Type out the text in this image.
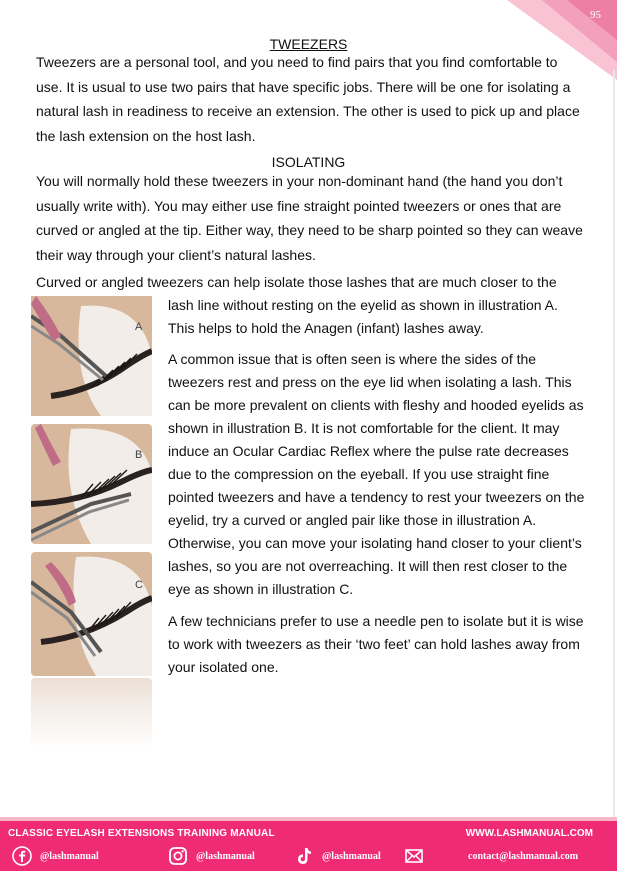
95
TWEEZERS

Tweezers are a personal tool, and you need to find pairs that you find comfortable to use. It is usual to use two pairs that have specific jobs. There will be one for isolating a natural lash in readiness to receive an extension. The other is used to pick up and place the lash extension on the host lash.

ISOLATING

You will normally hold these tweezers in your non-dominant hand (the hand you don’t usually write with). You may either use fine straight pointed tweezers or ones that are curved or angled at the tip. Either way, they need to be sharp pointed so they can weave their way through your client’s natural lashes.

Curved or angled tweezers can help isolate those lashes that are much closer to the

lash line without resting on the eyelid as shown in illustration A. This helps to hold the Anagen (infant) lashes away.

A common issue that is often seen is where the sides of the tweezers rest and press on the eye lid when isolating a lash. This can be more prevalent on clients with fleshy and hooded eyelids as shown in illustration B. It is not comfortable for the client. It may induce an Ocular Cardiac Reflex where the pulse rate decreases due to the compression on the eyeball. If you use straight fine pointed tweezers and have a tendency to rest your tweezers on the eyelid, try a curved or angled pair like those in illustration A. Otherwise, you can move your isolating hand closer to your client’s lashes, so you are not overreaching. It will then rest closer to the eye as shown in illustration C.

A few technicians prefer to use a needle pen to isolate but it is wise to work with tweezers as their ‘two feet’ can hold lashes away from your isolated one.

A
B
C
CLASSIC EYELASH EXTENSIONS TRAINING MANUAL	WWW.LASHMANUAL.COM
@lashmanual	@lashmanual	@lashmanual	contact@lashmanual.com
